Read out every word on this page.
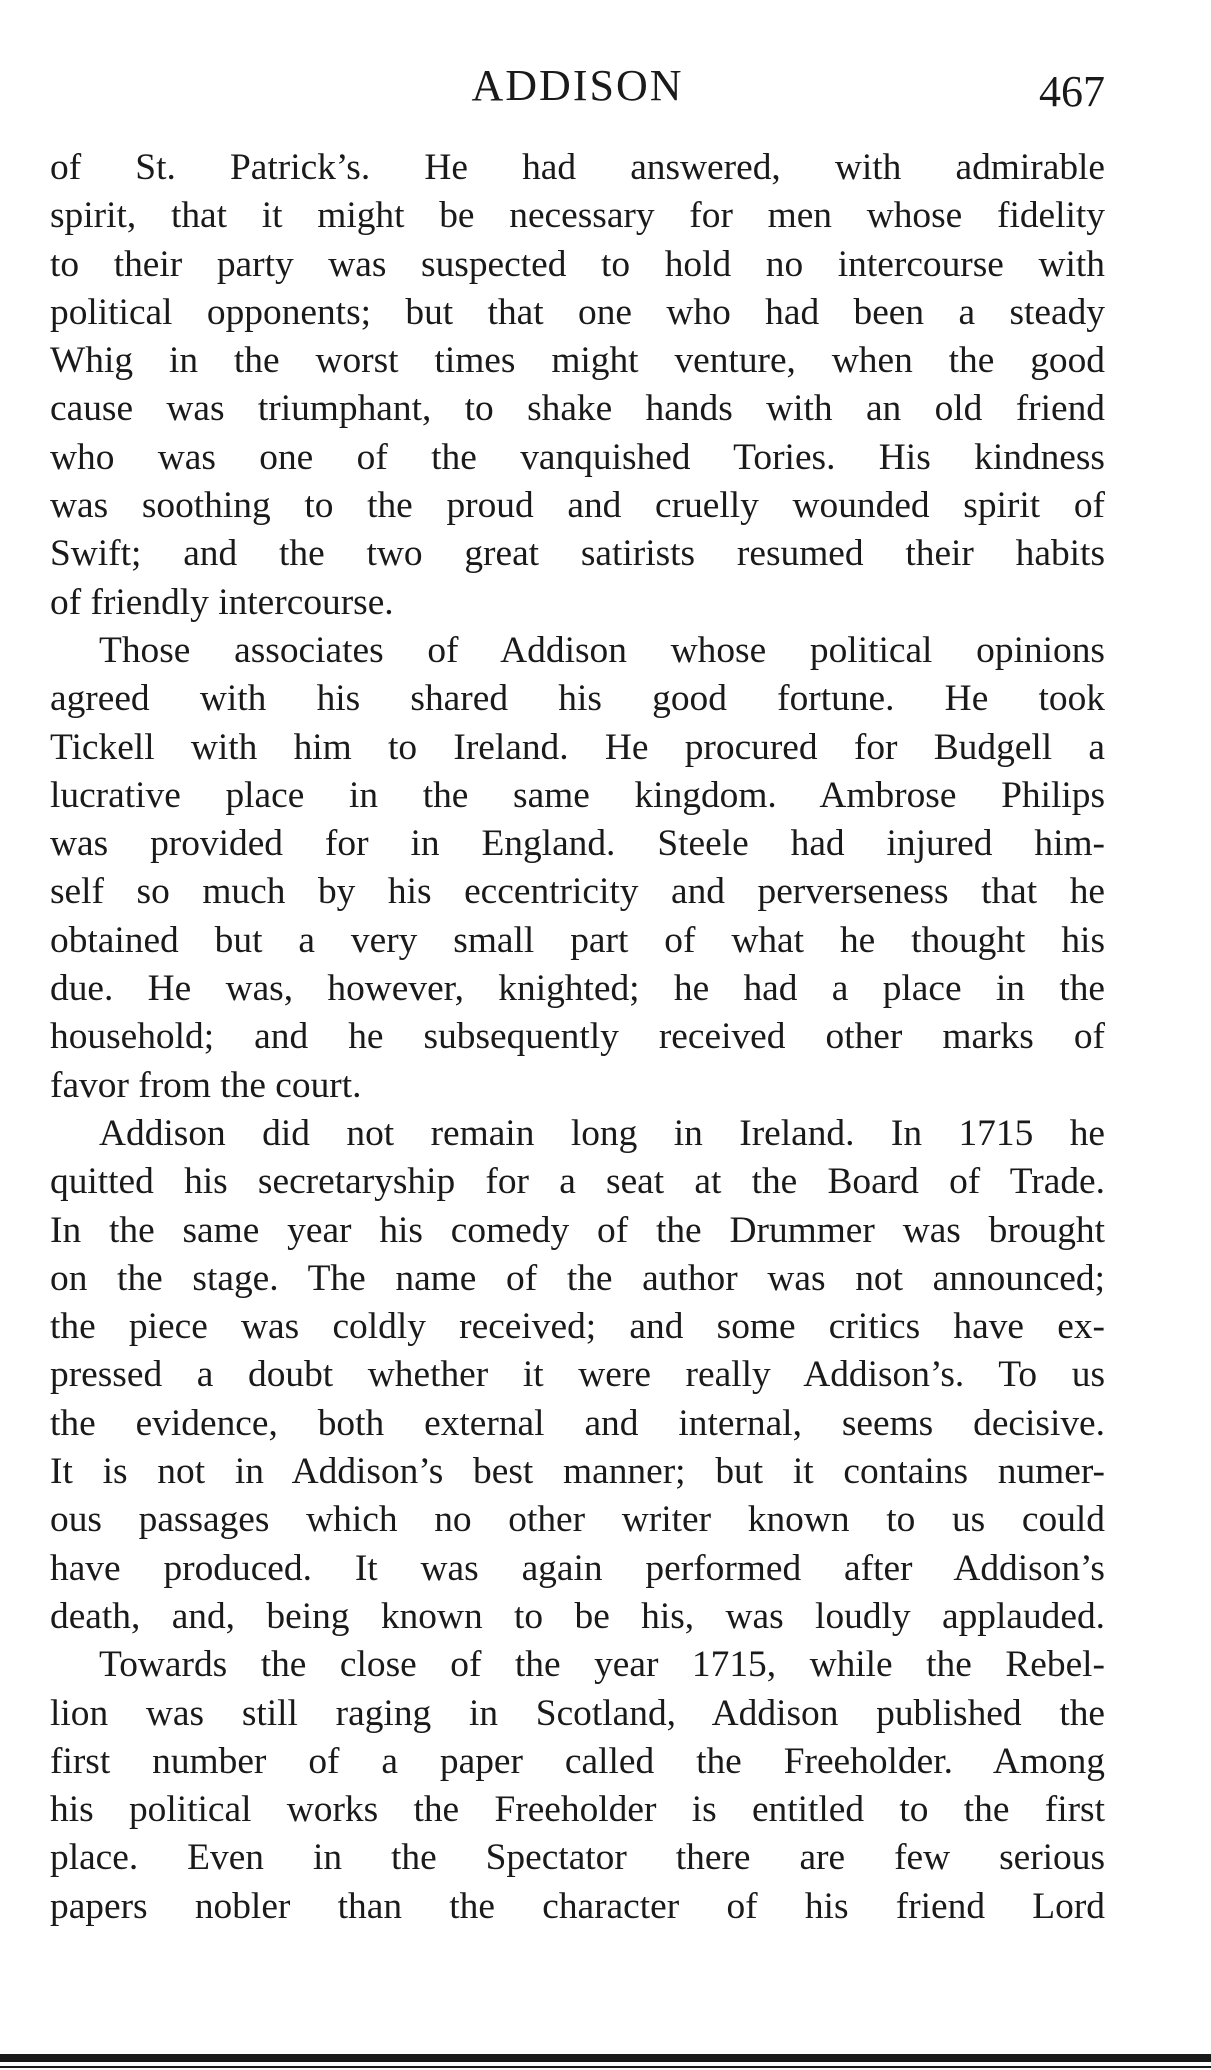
ADDISON	467
of St. Patrick’s. He had answered, with admirable
spirit, that it might be necessary for men whose fidelity
to their party was suspected to hold no intercourse with
political opponents; but that one who had been a steady
Whig in the worst times might venture, when the good
cause was triumphant, to shake hands with an old friend
who was one of the vanquished Tories. His kindness
was soothing to the proud and cruelly wounded spirit of
Swift; and the two great satirists resumed their habits
of friendly intercourse.
Those associates of Addison whose political opinions
agreed with his shared his good fortune. He took
Tickell with him to Ireland. He procured for Budgell a
lucrative place in the same kingdom. Ambrose Philips
was provided for in England. Steele had injured him-
self so much by his eccentricity and perverseness that he
obtained but a very small part of what he thought his
due. He was, however, knighted; he had a place in the
household; and he subsequently received other marks of
favor from the court.
Addison did not remain long in Ireland. In 1715 he
quitted his secretaryship for a seat at the Board of Trade.
In the same year his comedy of the Drummer was brought
on the stage. The name of the author was not announced;
the piece was coldly received; and some critics have ex-
pressed a doubt whether it were really Addison’s. To us
the evidence, both external and internal, seems decisive.
It is not in Addison’s best manner; but it contains numer-
ous passages which no other writer known to us could
have produced. It was again performed after Addison’s
death, and, being known to be his, was loudly applauded.
Towards the close of the year 1715, while the Rebel-
lion was still raging in Scotland, Addison published the
first number of a paper called the Freeholder. Among
his political works the Freeholder is entitled to the first
place. Even in the Spectator there are few serious
papers nobler than the character of his friend Lord
